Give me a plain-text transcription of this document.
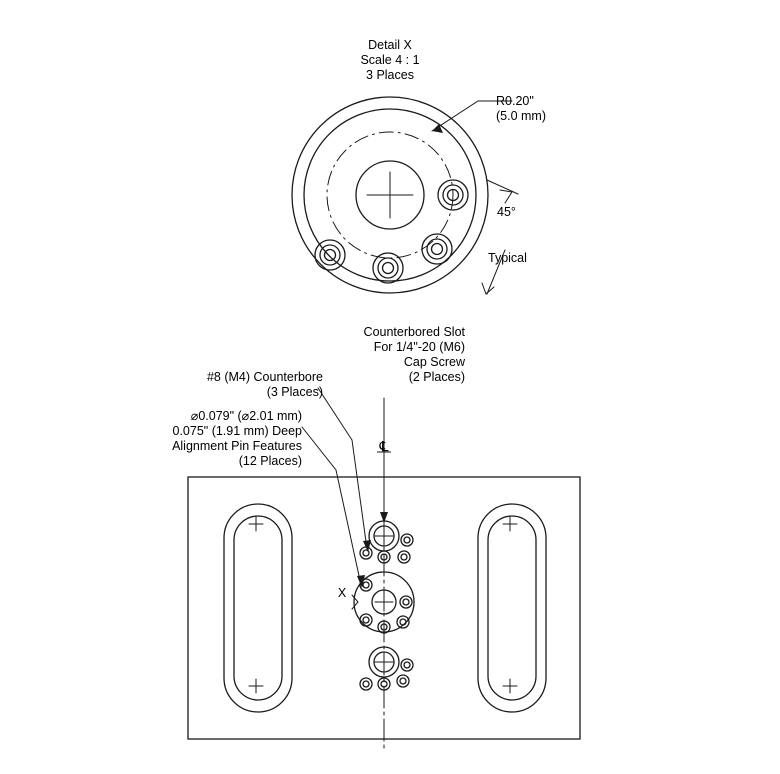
Detail X
Scale 4 : 1
3 Places
R0.20"
(5.0 mm)
45°
Typical
Counterbored Slot
For 1/4"-20 (M6)
Cap Screw
(2 Places)
#8 (M4) Counterbore
(3 Places)
⌀0.079" (⌀2.01 mm)
0.075" (1.91 mm) Deep
Alignment Pin Features
(12 Places)
℄
X
